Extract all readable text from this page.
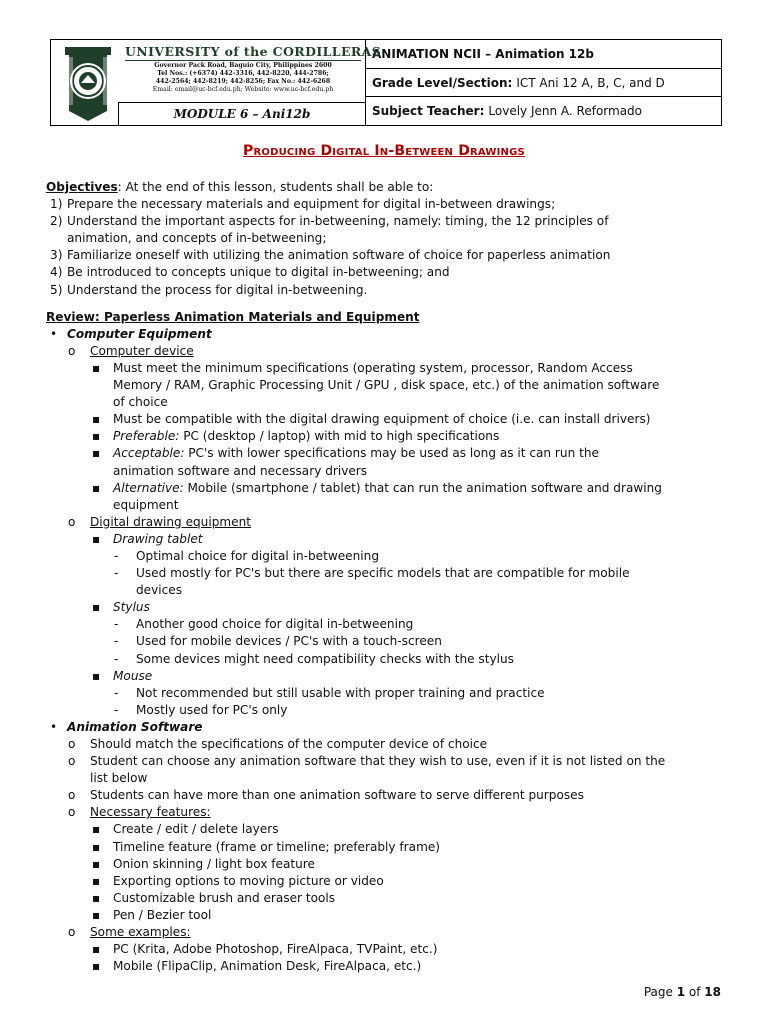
UNIVERSITY of the CORDILLERAS
Governor Pack Road, Baguio City, Philippines 2600
Tel Nos.: (+6374) 442-3316, 442-8220, 444-2786;
442-2564; 442-8219; 442-8256; Fax No.: 442-6268
Email: email@uc-bcf.edu.ph; Website: www.uc-bcf.edu.ph
MODULE 6 – Ani12b
ANIMATION NCII – Animation 12b
Grade Level/Section: ICT Ani 12 A, B, C, and D
Subject Teacher: Lovely Jenn A. Reformado
Producing Digital In-Between Drawings
Objectives: At the end of this lesson, students shall be able to:
1) Prepare the necessary materials and equipment for digital in-between drawings;
2) Understand the important aspects for in-betweening, namely: timing, the 12 principles of
animation, and concepts of in-betweening;
3) Familiarize oneself with utilizing the animation software of choice for paperless animation
4) Be introduced to concepts unique to digital in-betweening; and
5) Understand the process for digital in-betweening.
Review: Paperless Animation Materials and Equipment
• Computer Equipment
o Computer device
▪ Must meet the minimum specifications (operating system, processor, Random Access
Memory / RAM, Graphic Processing Unit / GPU , disk space, etc.) of the animation software
of choice
▪ Must be compatible with the digital drawing equipment of choice (i.e. can install drivers)
▪ Preferable: PC (desktop / laptop) with mid to high specifications
▪ Acceptable: PC's with lower specifications may be used as long as it can run the
animation software and necessary drivers
▪ Alternative: Mobile (smartphone / tablet) that can run the animation software and drawing
equipment
o Digital drawing equipment
▪ Drawing tablet
- Optimal choice for digital in-betweening
- Used mostly for PC's but there are specific models that are compatible for mobile
devices
▪ Stylus
- Another good choice for digital in-betweening
- Used for mobile devices / PC's with a touch-screen
- Some devices might need compatibility checks with the stylus
▪ Mouse
- Not recommended but still usable with proper training and practice
- Mostly used for PC's only
• Animation Software
o Should match the specifications of the computer device of choice
o Student can choose any animation software that they wish to use, even if it is not listed on the
list below
o Students can have more than one animation software to serve different purposes
o Necessary features:
▪ Create / edit / delete layers
▪ Timeline feature (frame or timeline; preferably frame)
▪ Onion skinning / light box feature
▪ Exporting options to moving picture or video
▪ Customizable brush and eraser tools
▪ Pen / Bezier tool
o Some examples:
▪ PC (Krita, Adobe Photoshop, FireAlpaca, TVPaint, etc.)
▪ Mobile (FlipaClip, Animation Desk, FireAlpaca, etc.)
Page 1 of 18
